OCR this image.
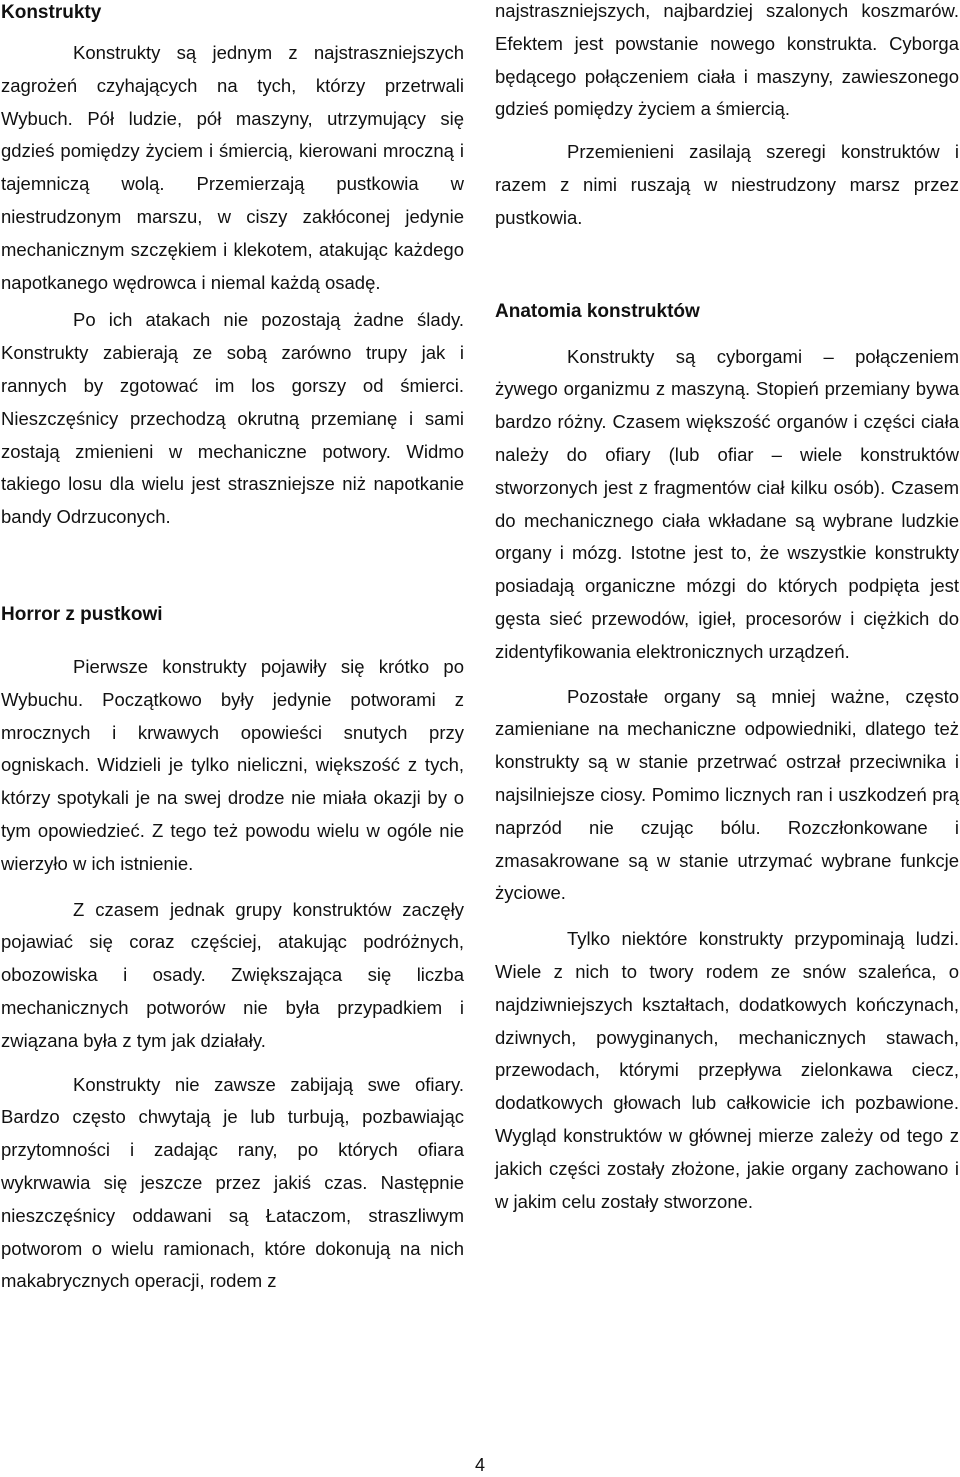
Konstrukty

Konstrukty są jednym z najstraszniejszych zagrożeń czyhających na tych, którzy przetrwali Wybuch. Pół ludzie, pół maszyny, utrzymujący się gdzieś pomiędzy życiem i śmiercią, kierowani mroczną i tajemniczą wolą. Przemierzają pustkowia w niestrudzonym marszu, w ciszy zakłóconej jedynie mechanicznym szczękiem i klekotem, atakując każdego napotkanego wędrowca i niemal każdą osadę.

Po ich atakach nie pozostają żadne ślady. Konstrukty zabierają ze sobą zarówno trupy jak i rannych by zgotować im los gorszy od śmierci. Nieszczęśnicy przechodzą okrutną przemianę i sami zostają zmienieni w mechaniczne potwory. Widmo takiego losu dla wielu jest straszniejsze niż napotkanie bandy Odrzuconych.

Horror z pustkowi

Pierwsze konstrukty pojawiły się krótko po Wybuchu. Początkowo były jedynie potworami z mrocznych i krwawych opowieści snutych przy ogniskach. Widzieli je tylko nieliczni, większość z tych, którzy spotykali je na swej drodze nie miała okazji by o tym opowiedzieć. Z tego też powodu wielu w ogóle nie wierzyło w ich istnienie.

Z czasem jednak grupy konstruktów zaczęły pojawiać się coraz częściej, atakując podróżnych, obozowiska i osady. Zwiększająca się liczba mechanicznych potworów nie była przypadkiem i związana była z tym jak działały.

Konstrukty nie zawsze zabijają swe ofiary. Bardzo często chwytają je lub turbują, pozbawiając przytomności i zadając rany, po których ofiara wykrwawia się jeszcze przez jakiś czas. Następnie nieszczęśnicy oddawani są Łataczom, straszliwym potworom o wielu ramionach, które dokonują na nich makabrycznych operacji, rodem z

najstraszniejszych, najbardziej szalonych koszmarów. Efektem jest powstanie nowego konstrukta. Cyborga będącego połączeniem ciała i maszyny, zawieszonego gdzieś pomiędzy życiem a śmiercią.

Przemienieni zasilają szeregi konstruktów i razem z nimi ruszają w niestrudzony marsz przez pustkowia.

Anatomia konstruktów

Konstrukty są cyborgami – połączeniem żywego organizmu z maszyną. Stopień przemiany bywa bardzo różny. Czasem większość organów i części ciała należy do ofiary (lub ofiar – wiele konstruktów stworzonych jest z fragmentów ciał kilku osób). Czasem do mechanicznego ciała wkładane są wybrane ludzkie organy i mózg. Istotne jest to, że wszystkie konstrukty posiadają organiczne mózgi do których podpięta jest gęsta sieć przewodów, igieł, procesorów i ciężkich do zidentyfikowania elektronicznych urządzeń.

Pozostałe organy są mniej ważne, często zamieniane na mechaniczne odpowiedniki, dlatego też konstrukty są w stanie przetrwać ostrzał przeciwnika i najsilniejsze ciosy. Pomimo licznych ran i uszkodzeń prą naprzód nie czując bólu. Rozczłonkowane i zmasakrowane są w stanie utrzymać wybrane funkcje życiowe.

Tylko niektóre konstrukty przypominają ludzi. Wiele z nich to twory rodem ze snów szaleńca, o najdziwniejszych kształtach, dodatkowych kończynach, dziwnych, powyginanych, mechanicznych stawach, przewodach, którymi przepływa zielonkawa ciecz, dodatkowych głowach lub całkowicie ich pozbawione. Wygląd konstruktów w głównej mierze zależy od tego z jakich części zostały złożone, jakie organy zachowano i w jakim celu zostały stworzone.

4
